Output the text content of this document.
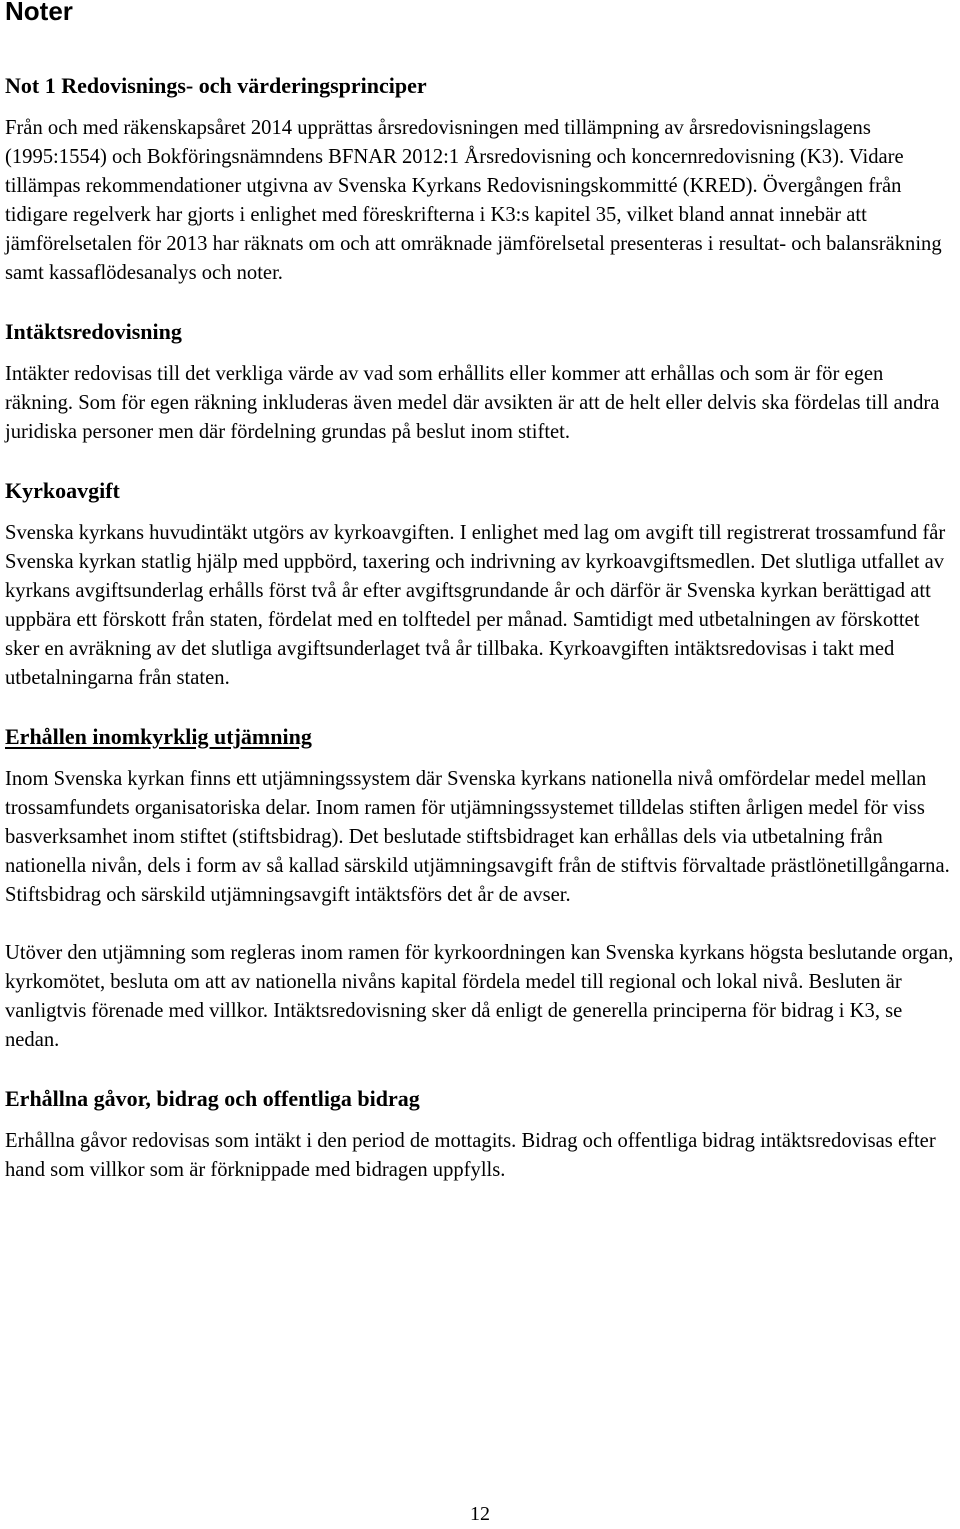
Noter
Not 1 Redovisnings- och värderingsprinciper

Från och med räkenskapsåret 2014 upprättas årsredovisningen med tillämpning av årsredovisningslagens (1995:1554) och Bokföringsnämndens BFNAR 2012:1 Årsredovisning och koncernredovisning (K3). Vidare tillämpas rekommendationer utgivna av Svenska Kyrkans Redovisningskommitté (KRED). Övergången från tidigare regelverk har gjorts i enlighet med föreskrifterna i K3:s kapitel 35, vilket bland annat innebär att jämförelsetalen för 2013 har räknats om och att omräknade jämförelsetal presenteras i resultat- och balansräkning samt kassaflödesanalys och noter.

Intäktsredovisning

Intäkter redovisas till det verkliga värde av vad som erhållits eller kommer att erhållas och som är för egen räkning. Som för egen räkning inkluderas även medel där avsikten är att de helt eller delvis ska fördelas till andra juridiska personer men där fördelning grundas på beslut inom stiftet.

Kyrkoavgift

Svenska kyrkans huvudintäkt utgörs av kyrkoavgiften. I enlighet med lag om avgift till registrerat trossamfund får Svenska kyrkan statlig hjälp med uppbörd, taxering och indrivning av kyrkoavgiftsmedlen. Det slutliga utfallet av kyrkans avgiftsunderlag erhålls först två år efter avgiftsgrundande år och därför är Svenska kyrkan berättigad att uppbära ett förskott från staten, fördelat med en tolftedel per månad. Samtidigt med utbetalningen av förskottet sker en avräkning av det slutliga avgiftsunderlaget två år tillbaka. Kyrkoavgiften intäktsredovisas i takt med utbetalningarna från staten.

Erhållen inomkyrklig utjämning

Inom Svenska kyrkan finns ett utjämningssystem där Svenska kyrkans nationella nivå omfördelar medel mellan trossamfundets organisatoriska delar. Inom ramen för utjämningssystemet tilldelas stiften årligen medel för viss basverksamhet inom stiftet (stiftsbidrag). Det beslutade stiftsbidraget kan erhållas dels via utbetalning från nationella nivån, dels i form av så kallad särskild utjämningsavgift från de stiftvis förvaltade prästlönetillgångarna. Stiftsbidrag och särskild utjämningsavgift intäktsförs det år de avser.

Utöver den utjämning som regleras inom ramen för kyrkoordningen kan Svenska kyrkans högsta beslutande organ, kyrkomötet, besluta om att av nationella nivåns kapital fördela medel till regional och lokal nivå. Besluten är vanligtvis förenade med villkor. Intäktsredovisning sker då enligt de generella principerna för bidrag i K3, se nedan.

Erhållna gåvor, bidrag och offentliga bidrag

Erhållna gåvor redovisas som intäkt i den period de mottagits. Bidrag och offentliga bidrag intäktsredovisas efter hand som villkor som är förknippade med bidragen uppfylls.

12
